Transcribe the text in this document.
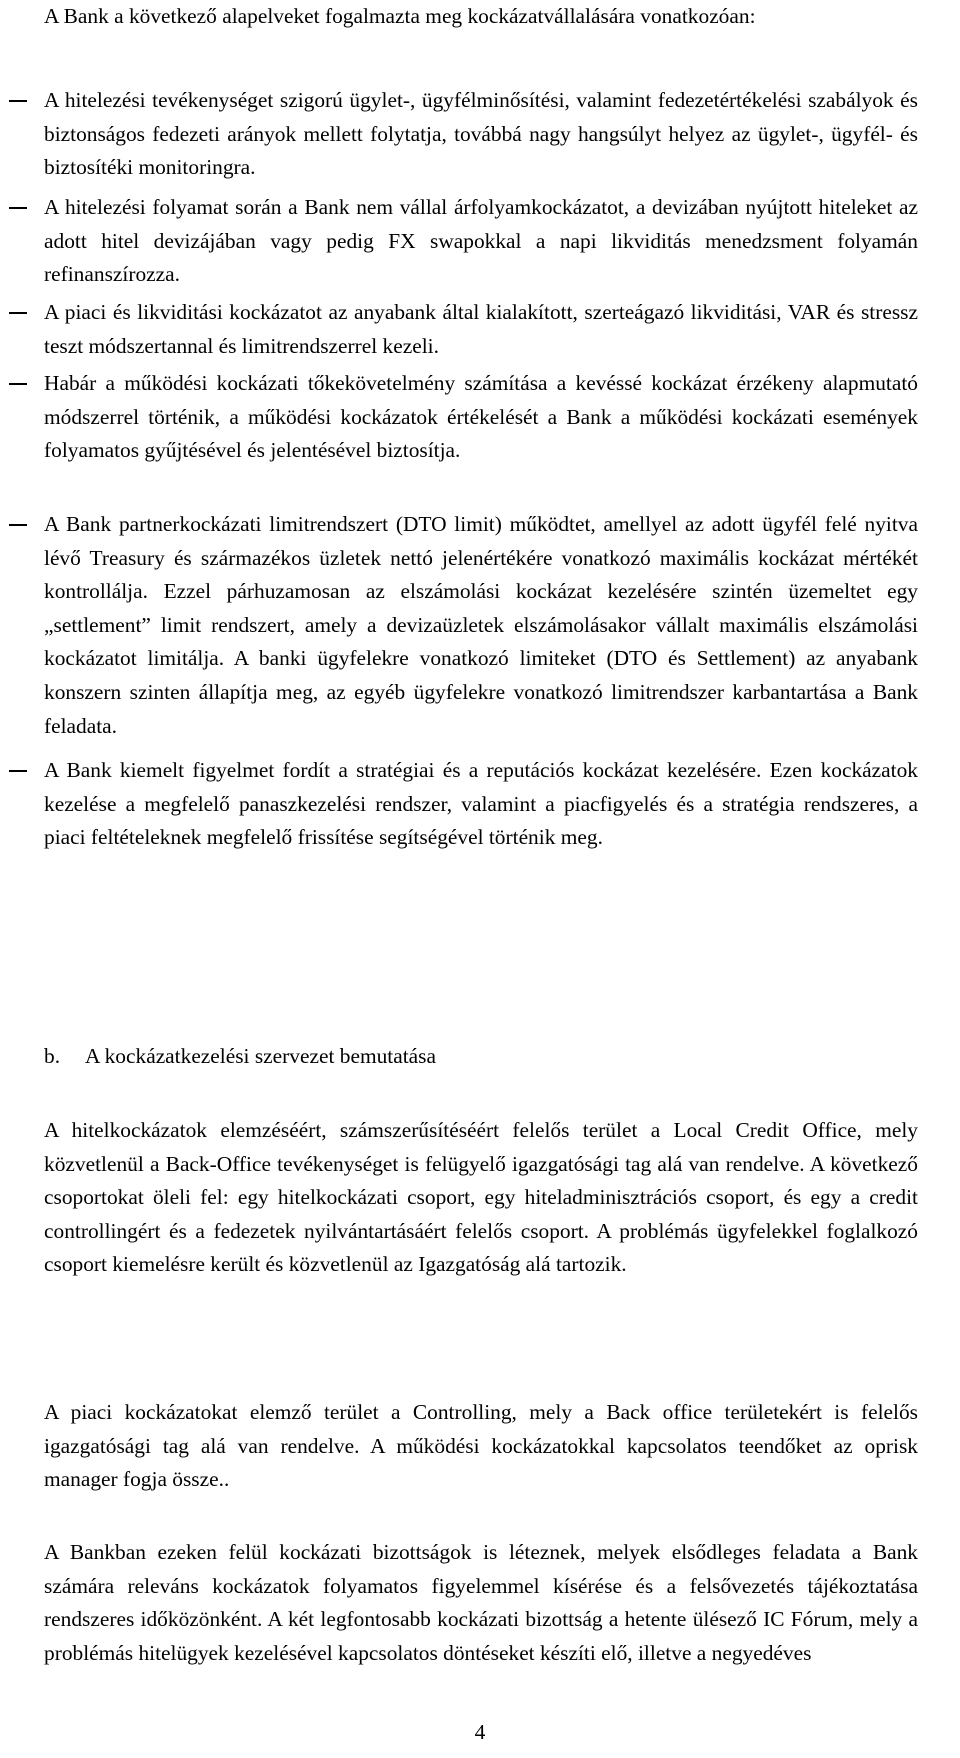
A Bank a következő alapelveket fogalmazta meg kockázatvállalására vonatkozóan:
A hitelezési tevékenységet szigorú ügylet-, ügyfélminősítési, valamint fedezetértékelési szabályok és biztonságos fedezeti arányok mellett folytatja, továbbá nagy hangsúlyt helyez az ügylet-, ügyfél- és biztosítéki monitoringra.
A hitelezési folyamat során a Bank nem vállal árfolyamkockázatot, a devizában nyújtott hiteleket az adott hitel devizájában vagy pedig FX swapokkal a napi likviditás menedzsment folyamán refinanszírozza.
A piaci és likviditási kockázatot az anyabank által kialakított, szerteágazó likviditási, VAR és stressz teszt módszertannal és limitrendszerrel kezeli.
Habár a működési kockázati tőkekövetelmény számítása a kevéssé kockázat érzékeny alapmutató módszerrel történik, a működési kockázatok értékelését a Bank a működési kockázati események folyamatos gyűjtésével és jelentésével biztosítja.
A Bank partnerkockázati limitrendszert (DTO limit) működtet, amellyel az adott ügyfél felé nyitva lévő Treasury és származékos üzletek nettó jelenértékére vonatkozó maximális kockázat mértékét kontrollálja. Ezzel párhuzamosan az elszámolási kockázat kezelésére szintén üzemeltet egy „settlement” limit rendszert, amely a devizaüzletek elszámolásakor vállalt maximális elszámolási kockázatot limitálja. A banki ügyfelekre vonatkozó limiteket (DTO és Settlement) az anyabank konszern szinten állapítja meg, az egyéb ügyfelekre vonatkozó limitrendszer karbantartása a Bank feladata.
A Bank kiemelt figyelmet fordít a stratégiai és a reputációs kockázat kezelésére. Ezen kockázatok kezelése a megfelelő panaszkezelési rendszer, valamint a piacfigyelés és a stratégia rendszeres, a piaci feltételeknek megfelelő frissítése segítségével történik meg.
b. A kockázatkezelési szervezet bemutatása
A hitelkockázatok elemzéséért, számszerűsítéséért felelős terület a Local Credit Office, mely közvetlenül a Back-Office tevékenységet is felügyelő igazgatósági tag alá van rendelve. A következő csoportokat öleli fel: egy hitelkockázati csoport, egy hiteladminisztrációs csoport, és egy a credit controllingért és a fedezetek nyilvántartásáért felelős csoport. A problémás ügyfelekkel foglalkozó csoport kiemelésre került és közvetlenül az Igazgatóság alá tartozik.
A piaci kockázatokat elemző terület a Controlling, mely a Back office területekért is felelős igazgatósági tag alá van rendelve. A működési kockázatokkal kapcsolatos teendőket az oprisk manager fogja össze..
A Bankban ezeken felül kockázati bizottságok is léteznek, melyek elsődleges feladata a Bank számára releváns kockázatok folyamatos figyelemmel kísérése és a felsővezetés tájékoztatása rendszeres időközönként. A két legfontosabb kockázati bizottság a hetente ülésező IC Fórum, mely a problémás hitelügyek kezelésével kapcsolatos döntéseket készíti elő, illetve a negyedéves
4
